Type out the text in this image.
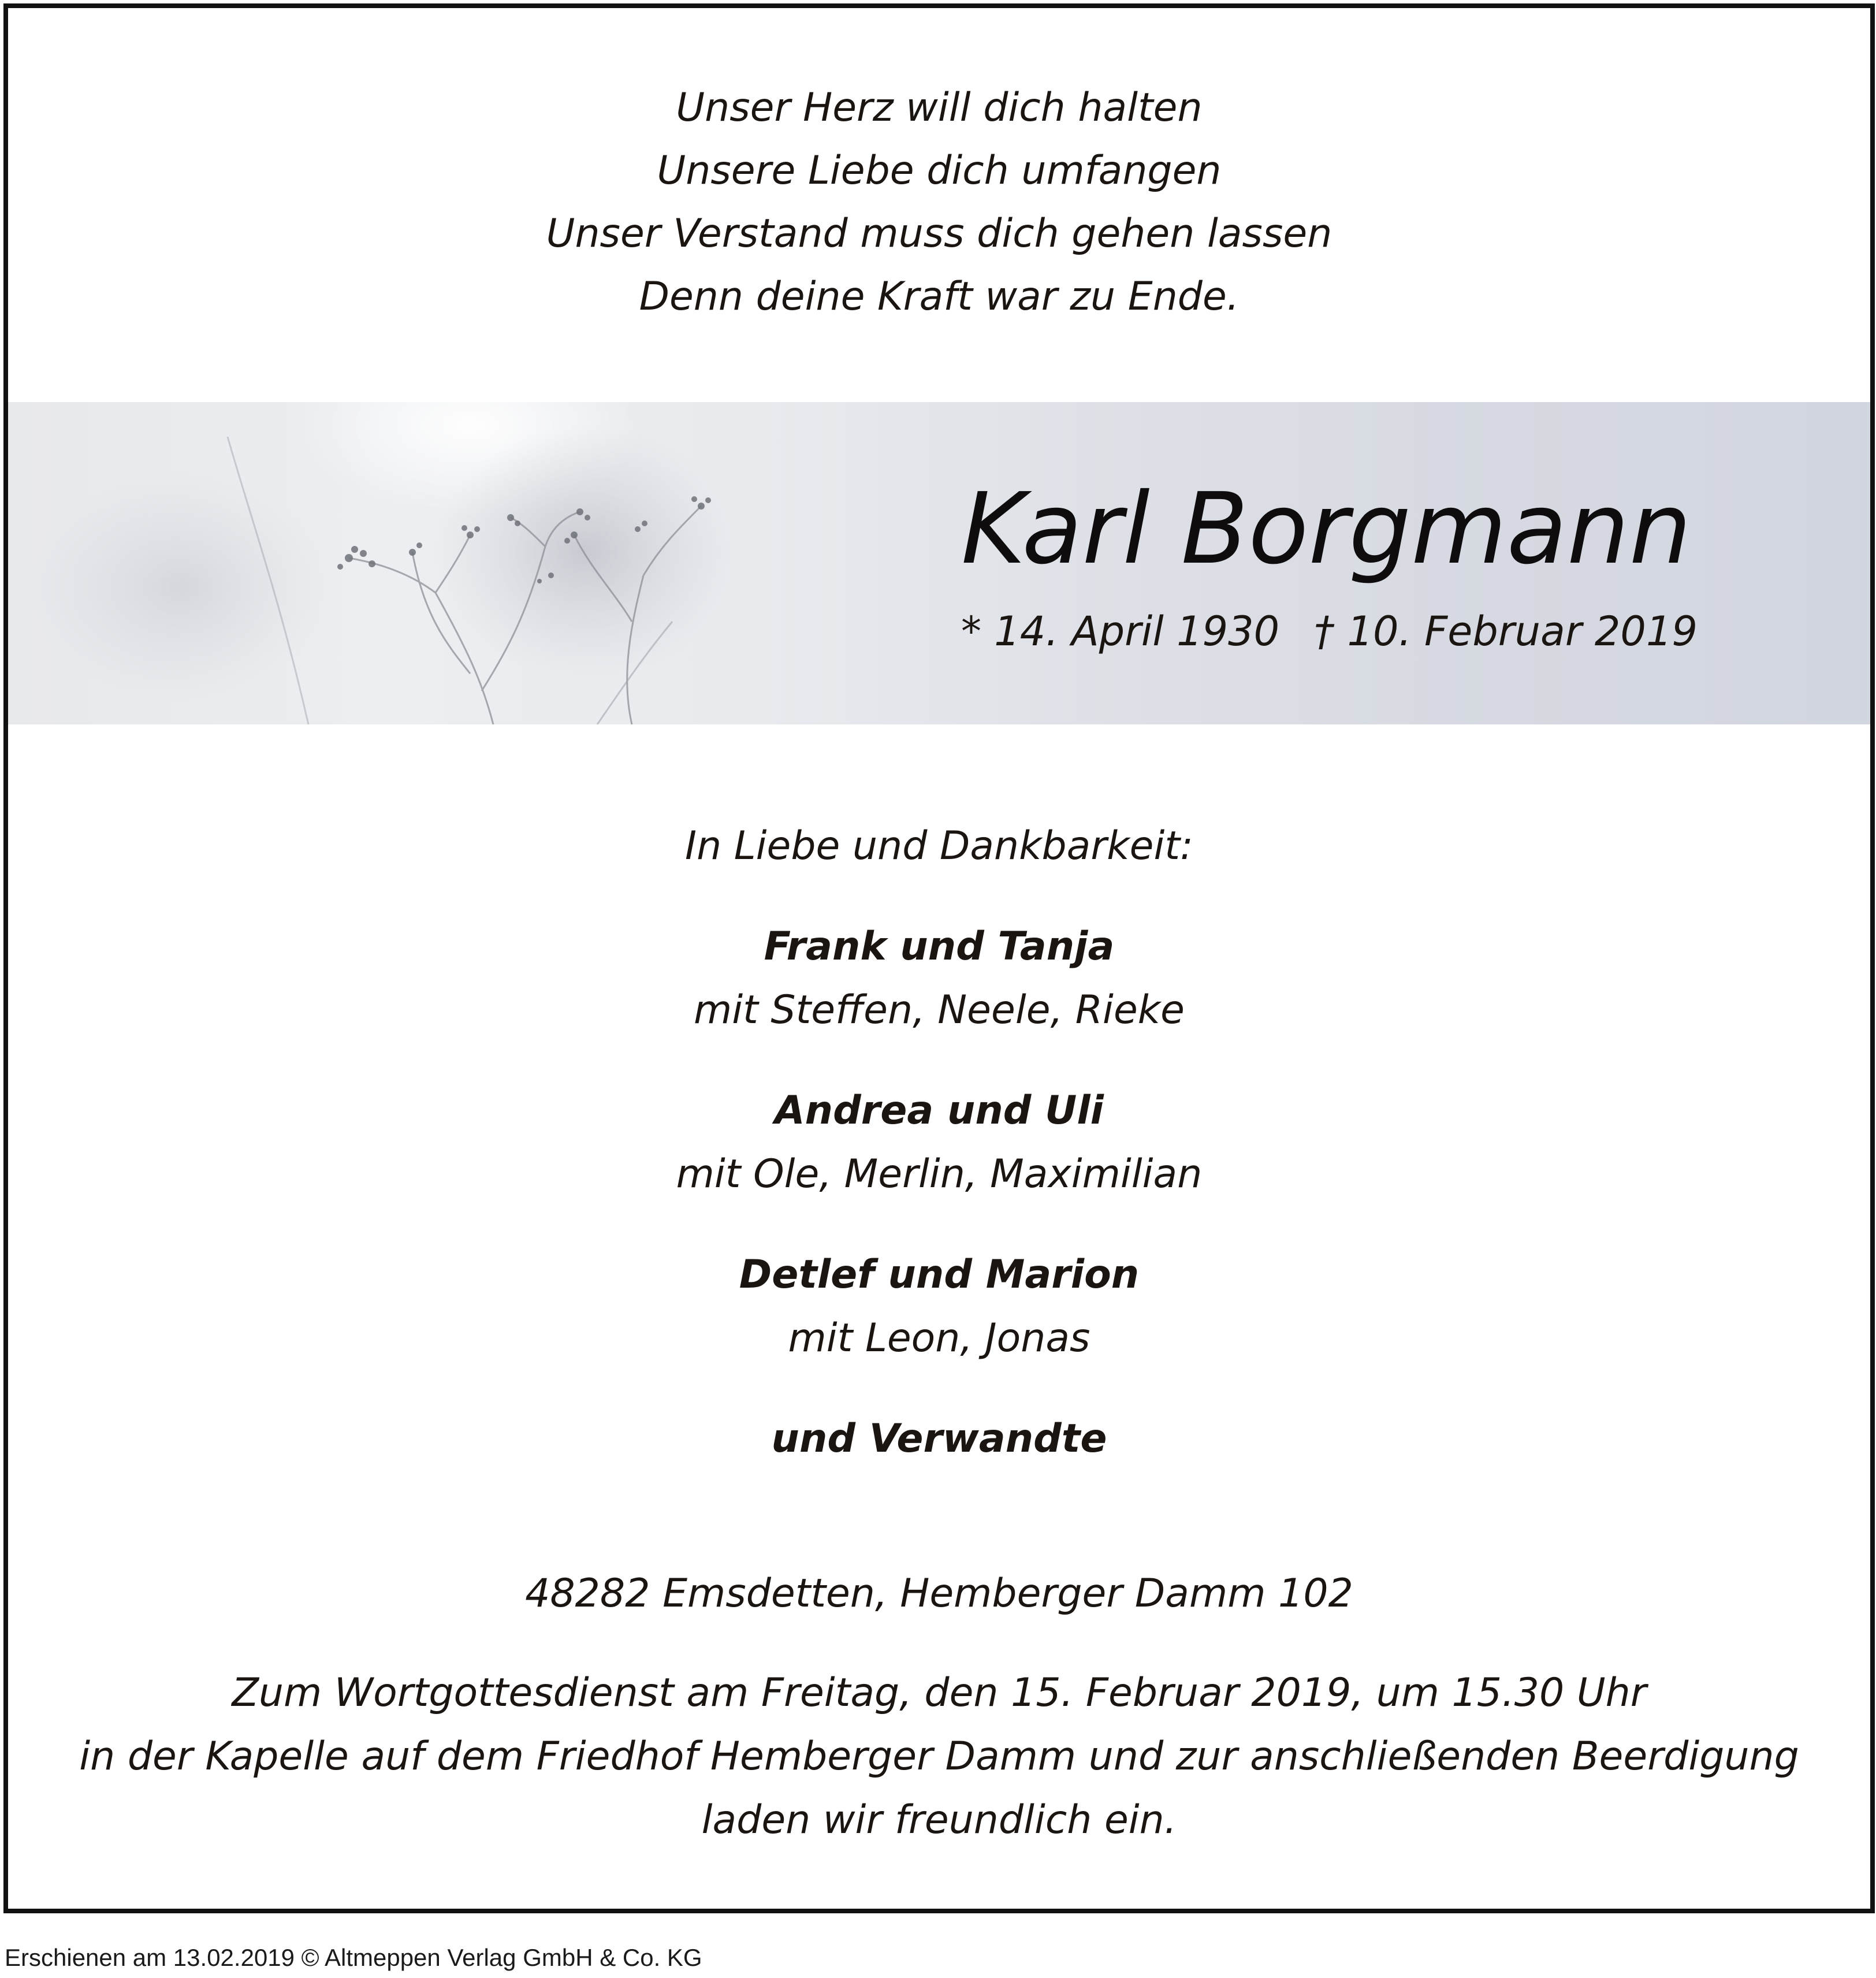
Unser Herz will dich halten
Unsere Liebe dich umfangen
Unser Verstand muss dich gehen lassen
Denn deine Kraft war zu Ende.
Karl Borgmann
* 14. April 1930 † 10. Februar 2019
In Liebe und Dankbarkeit:
Frank und Tanja
mit Steffen, Neele, Rieke
Andrea und Uli
mit Ole, Merlin, Maximilian
Detlef und Marion
mit Leon, Jonas
und Verwandte
48282 Emsdetten, Hemberger Damm 102
Zum Wortgottesdienst am Freitag, den 15. Februar 2019, um 15.30 Uhr
in der Kapelle auf dem Friedhof Hemberger Damm und zur anschließenden Beerdigung
laden wir freundlich ein.
Erschienen am 13.02.2019 © Altmeppen Verlag GmbH & Co. KG
